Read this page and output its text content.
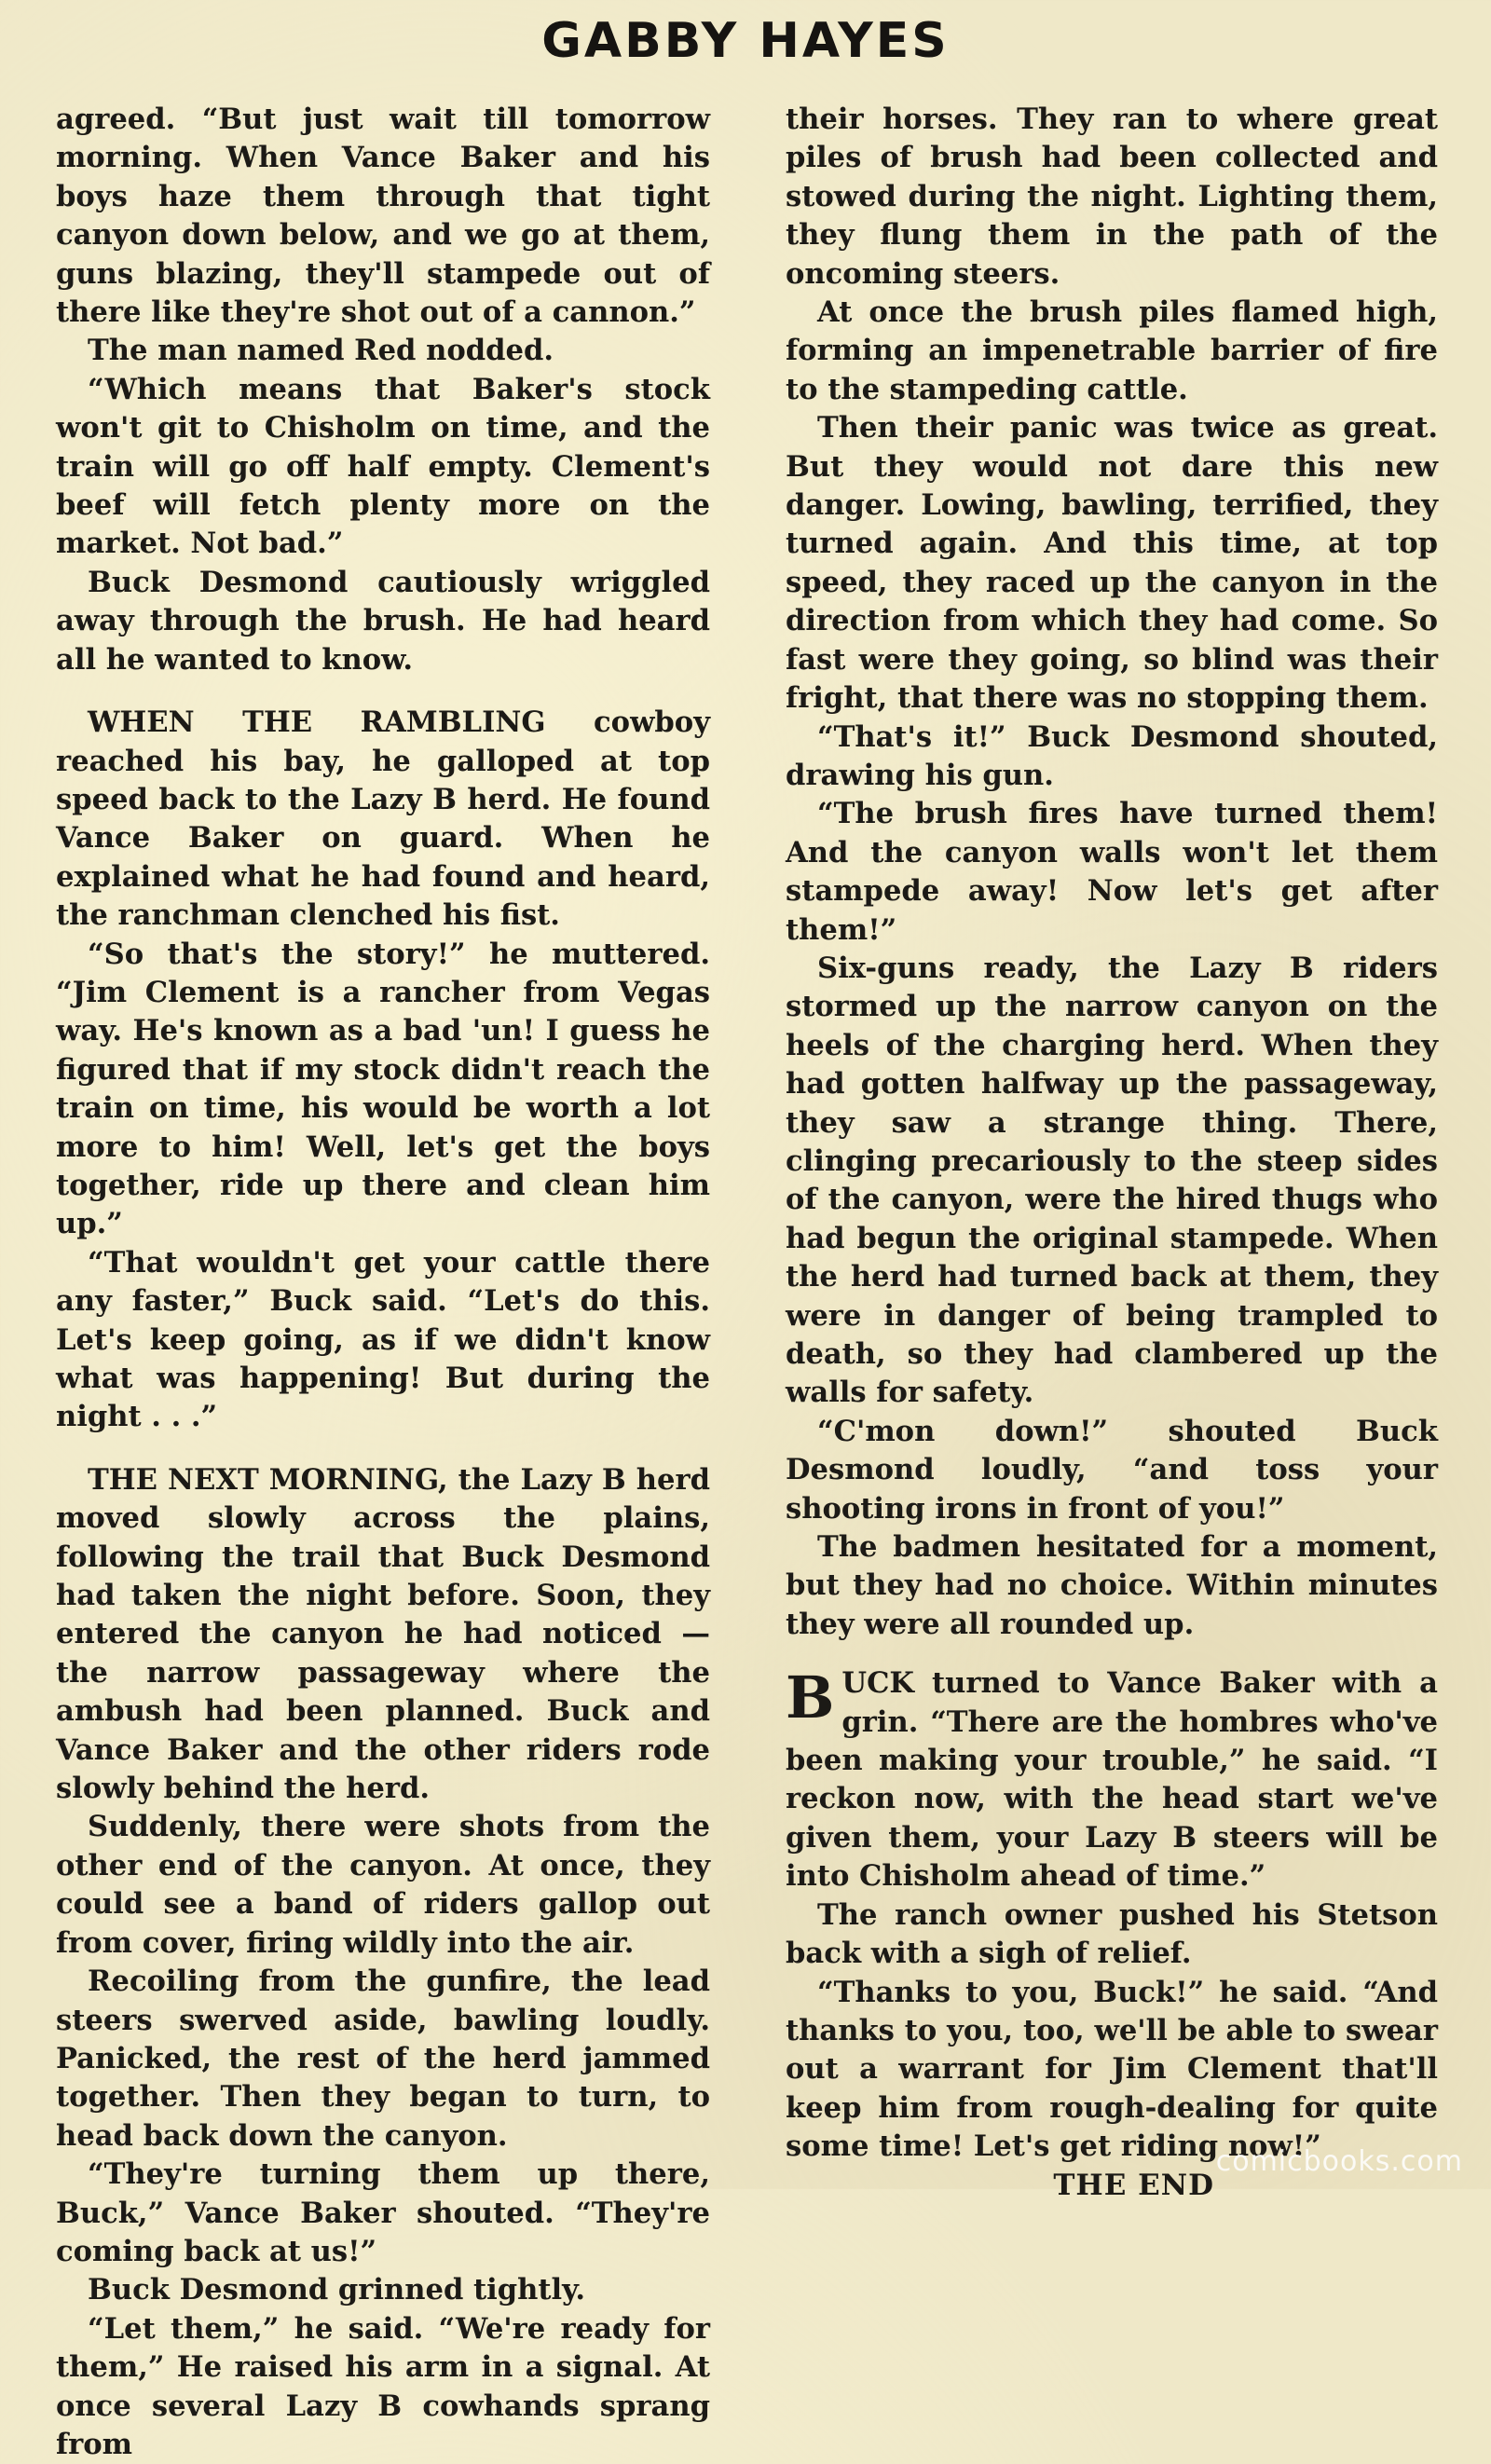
GABBY HAYES

agreed. “But just wait till tomorrow morning. When Vance Baker and his boys haze them through that tight canyon down below, and we go at them, guns blazing, they'll stampede out of there like they're shot out of a cannon.”

The man named Red nodded.

“Which means that Baker's stock won't git to Chisholm on time, and the train will go off half empty. Clement's beef will fetch plenty more on the market. Not bad.”

Buck Desmond cautiously wriggled away through the brush. He had heard all he wanted to know.

WHEN THE RAMBLING cowboy reached his bay, he galloped at top speed back to the Lazy B herd. He found Vance Baker on guard. When he explained what he had found and heard, the ranchman clenched his fist.

“So that's the story!” he muttered. “Jim Clement is a rancher from Vegas way. He's known as a bad 'un! I guess he figured that if my stock didn't reach the train on time, his would be worth a lot more to him! Well, let's get the boys together, ride up there and clean him up.”

“That wouldn't get your cattle there any faster,” Buck said. “Let's do this. Let's keep going, as if we didn't know what was happening! But during the night . . .”

THE NEXT MORNING, the Lazy B herd moved slowly across the plains, following the trail that Buck Desmond had taken the night before. Soon, they entered the canyon he had noticed — the narrow passageway where the ambush had been planned. Buck and Vance Baker and the other riders rode slowly behind the herd.

Suddenly, there were shots from the other end of the canyon. At once, they could see a band of riders gallop out from cover, firing wildly into the air.

Recoiling from the gunfire, the lead steers swerved aside, bawling loudly. Panicked, the rest of the herd jammed together. Then they began to turn, to head back down the canyon.

“They're turning them up there, Buck,” Vance Baker shouted. “They're coming back at us!”

Buck Desmond grinned tightly.

“Let them,” he said. “We're ready for them,” He raised his arm in a signal. At once several Lazy B cowhands sprang from

their horses. They ran to where great piles of brush had been collected and stowed during the night. Lighting them, they flung them in the path of the oncoming steers.

At once the brush piles flamed high, forming an impenetrable barrier of fire to the stampeding cattle.

Then their panic was twice as great. But they would not dare this new danger. Lowing, bawling, terrified, they turned again. And this time, at top speed, they raced up the canyon in the direction from which they had come. So fast were they going, so blind was their fright, that there was no stopping them.

“That's it!” Buck Desmond shouted, drawing his gun.

“The brush fires have turned them! And the canyon walls won't let them stampede away! Now let's get after them!”

Six-guns ready, the Lazy B riders stormed up the narrow canyon on the heels of the charging herd. When they had gotten halfway up the passageway, they saw a strange thing. There, clinging precariously to the steep sides of the canyon, were the hired thugs who had begun the original stampede. When the herd had turned back at them, they were in danger of being trampled to death, so they had clambered up the walls for safety.

“C'mon down!” shouted Buck Desmond loudly, “and toss your shooting irons in front of you!”

The badmen hesitated for a moment, but they had no choice. Within minutes they were all rounded up.

BUCK turned to Vance Baker with a grin. “There are the hombres who've been making your trouble,” he said. “I reckon now, with the head start we've given them, your Lazy B steers will be into Chisholm ahead of time.”

The ranch owner pushed his Stetson back with a sigh of relief.

“Thanks to you, Buck!” he said. “And thanks to you, too, we'll be able to swear out a warrant for Jim Clement that'll keep him from rough-dealing for quite some time! Let's get riding now!”

THE END

comicbooks.com
